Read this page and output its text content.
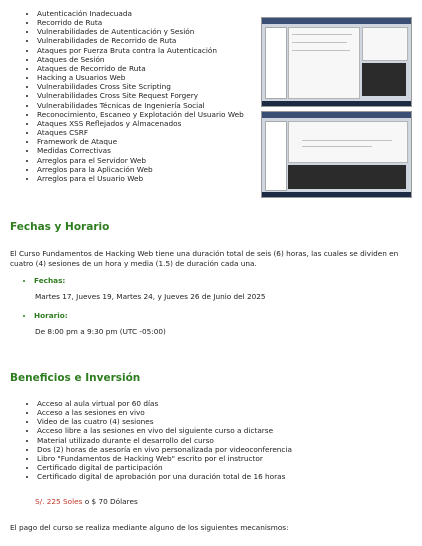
• Autenticación Inadecuada
• Recorrido de Ruta
• Vulnerabilidades de Autenticación y Sesión
• Vulnerabilidades de Recorrido de Ruta
• Ataques por Fuerza Bruta contra la Autenticación
• Ataques de Sesión
• Ataques de Recorrido de Ruta
• Hacking a Usuarios Web
• Vulnerabilidades Cross Site Scripting
• Vulnerabilidades Cross Site Request Forgery
• Vulnerabilidades Técnicas de Ingeniería Social
• Reconocimiento, Escaneo y Explotación del Usuario Web
• Ataques XSS Reflejados y Almacenados
• Ataques CSRF
• Framework de Ataque
• Medidas Correctivas
• Arreglos para el Servidor Web
• Arreglos para la Aplicación Web
• Arreglos para el Usuario Web
Fechas y Horario

El Curso Fundamentos de Hacking Web tiene una duración total de seis (6) horas, las cuales se dividen en cuatro (4) sesiones de un hora y media (1.5) de duración cada una.

• Fechas:

Martes 17, Jueves 19, Martes 24, y Jueves 26 de Junio del 2025

• Horario:

De 8:00 pm a 9:30 pm (UTC -05:00)

Beneficios e Inversión
• Acceso al aula virtual por 60 días
• Acceso a las sesiones en vivo
• Video de las cuatro (4) sesiones
• Acceso libre a las sesiones en vivo del siguiente curso a dictarse
• Material utilizado durante el desarrollo del curso
• Dos (2) horas de asesoría en vivo personalizada por videoconferencia
• Libro "Fundamentos de Hacking Web" escrito por el instructor
• Certificado digital de participación
• Certificado digital de aprobación por una duración total de 16 horas

S/. 225 Soles o $ 70 Dólares

El pago del curso se realiza mediante alguno de los siguientes mecanismos:
